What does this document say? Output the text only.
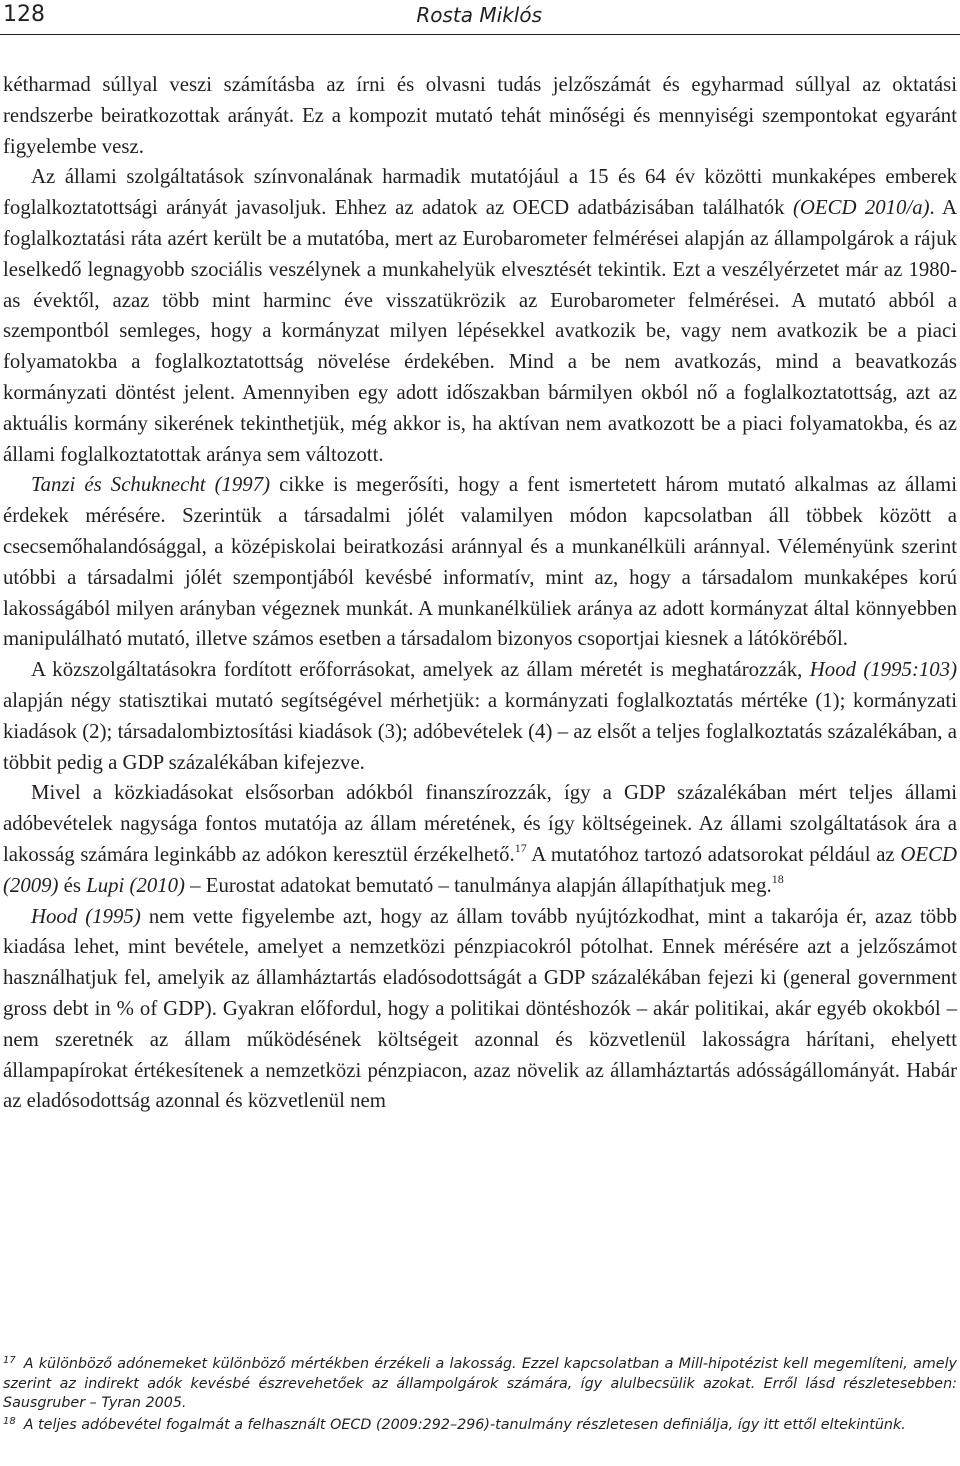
128	Rosta Miklós

kétharmad súllyal veszi számításba az írni és olvasni tudás jelzőszámát és egyharmad súllyal az oktatási rendszerbe beiratkozottak arányát. Ez a kompozit mutató tehát minőségi és mennyiségi szempontokat egyaránt figyelembe vesz.

Az állami szolgáltatások színvonalának harmadik mutatójául a 15 és 64 év közötti munkaképes emberek foglalkoztatottsági arányát javasoljuk. Ehhez az adatok az OECD adatbázisában találhatók (OECD 2010/a). A foglalkoztatási ráta azért került be a mutatóba, mert az Eurobarometer felmérései alapján az állampolgárok a rájuk leselkedő legnagyobb szociális veszélynek a munkahelyük elvesztését tekintik. Ezt a veszélyérzetet már az 1980-as évektől, azaz több mint harminc éve visszatükrözik az Eurobarometer felmérései. A mutató abból a szempontból semleges, hogy a kormányzat milyen lépésekkel avatkozik be, vagy nem avatkozik be a piaci folyamatokba a foglalkoztatottság növelése érdekében. Mind a be nem avatkozás, mind a beavatkozás kormányzati döntést jelent. Amennyiben egy adott időszakban bármilyen okból nő a foglalkoztatottság, azt az aktuális kormány sikerének tekinthetjük, még akkor is, ha aktívan nem avatkozott be a piaci folyamatokba, és az állami foglalkoztatottak aránya sem változott.

Tanzi és Schuknecht (1997) cikke is megerősíti, hogy a fent ismertetett három mutató alkalmas az állami érdekek mérésére. Szerintük a társadalmi jólét valamilyen módon kapcsolatban áll többek között a csecsemőhalandósággal, a középiskolai beiratkozási aránnyal és a munkanélküli aránnyal. Véleményünk szerint utóbbi a társadalmi jólét szempontjából kevésbé informatív, mint az, hogy a társadalom munkaképes korú lakosságából milyen arányban végeznek munkát. A munkanélküliek aránya az adott kormányzat által könnyebben manipulálható mutató, illetve számos esetben a társadalom bizonyos csoportjai kiesnek a látóköréből.

A közszolgáltatásokra fordított erőforrásokat, amelyek az állam méretét is meghatározzák, Hood (1995:103) alapján négy statisztikai mutató segítségével mérhetjük: a kormányzati foglalkoztatás mértéke (1); kormányzati kiadások (2); társadalombiztosítási kiadások (3); adóbevételek (4) – az elsőt a teljes foglalkoztatás százalékában, a többit pedig a GDP százalékában kifejezve.

Mivel a közkiadásokat elsősorban adókból finanszírozzák, így a GDP százalékában mért teljes állami adóbevételek nagysága fontos mutatója az állam méretének, és így költségeinek. Az állami szolgáltatások ára a lakosság számára leginkább az adókon keresztül érzékelhető.$^{17}$ A mutatóhoz tartozó adatsorokat például az OECD (2009) és Lupi (2010) – Eurostat adatokat bemutató – tanulmánya alapján állapíthatjuk meg.$^{18}$

Hood (1995) nem vette figyelembe azt, hogy az állam tovább nyújtózkodhat, mint a takarója ér, azaz több kiadása lehet, mint bevétele, amelyet a nemzetközi pénzpiacokról pótolhat. Ennek mérésére azt a jelzőszámot használhatjuk fel, amelyik az államháztartás eladósodottságát a GDP százalékában fejezi ki (general government gross debt in % of GDP). Gyakran előfordul, hogy a politikai döntéshozók – akár politikai, akár egyéb okokból – nem szeretnék az állam működésének költségeit azonnal és közvetlenül lakosságra hárítani, ehelyett állampapírokat értékesítenek a nemzetközi pénzpiacon, azaz növelik az államháztartás adósságállományát. Habár az eladósodottság azonnal és közvetlenül nem

$^{17}$ A különböző adónemeket különböző mértékben érzékeli a lakosság. Ezzel kapcsolatban a Mill-hipotézist kell megemlíteni, amely szerint az indirekt adók kevésbé észrevehetőek az állampolgárok számára, így alulbecsülik azokat. Erről lásd részletesebben: Sausgruber – Tyran 2005.

$^{18}$ A teljes adóbevétel fogalmát a felhasznált OECD (2009:292–296)-tanulmány részletesen definiálja, így itt ettől eltekintünk.
